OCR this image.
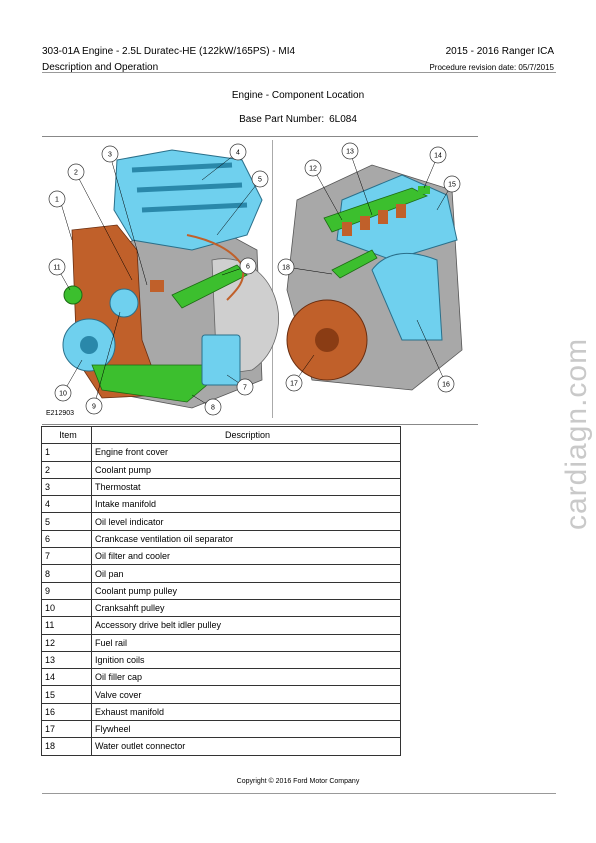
303-01A Engine - 2.5L Duratec-HE (122kW/165PS) - MI4
Description and Operation
2015 - 2016 Ranger ICA
Procedure revision date: 05/7/2015
Engine - Component Location
Base Part Number: 6L084
1
2
3	4
5
6
7
8
9
10
11
12
13
14
15
16
17
18
E212903
Item	Description
1	Engine front cover
2	Coolant pump
3	Thermostat
4	Intake manifold
5	Oil level indicator
6	Crankcase ventilation oil separator
7	Oil filter and cooler
8	Oil pan
9	Coolant pump pulley
10	Cranksahft pulley
11	Accessory drive belt idler pulley
12	Fuel rail
13	Ignition coils
14	Oil filler cap
15	Valve cover
16	Exhaust manifold
17	Flywheel
18	Water outlet connector
Copyright © 2016 Ford Motor Company
cardiagn.com
